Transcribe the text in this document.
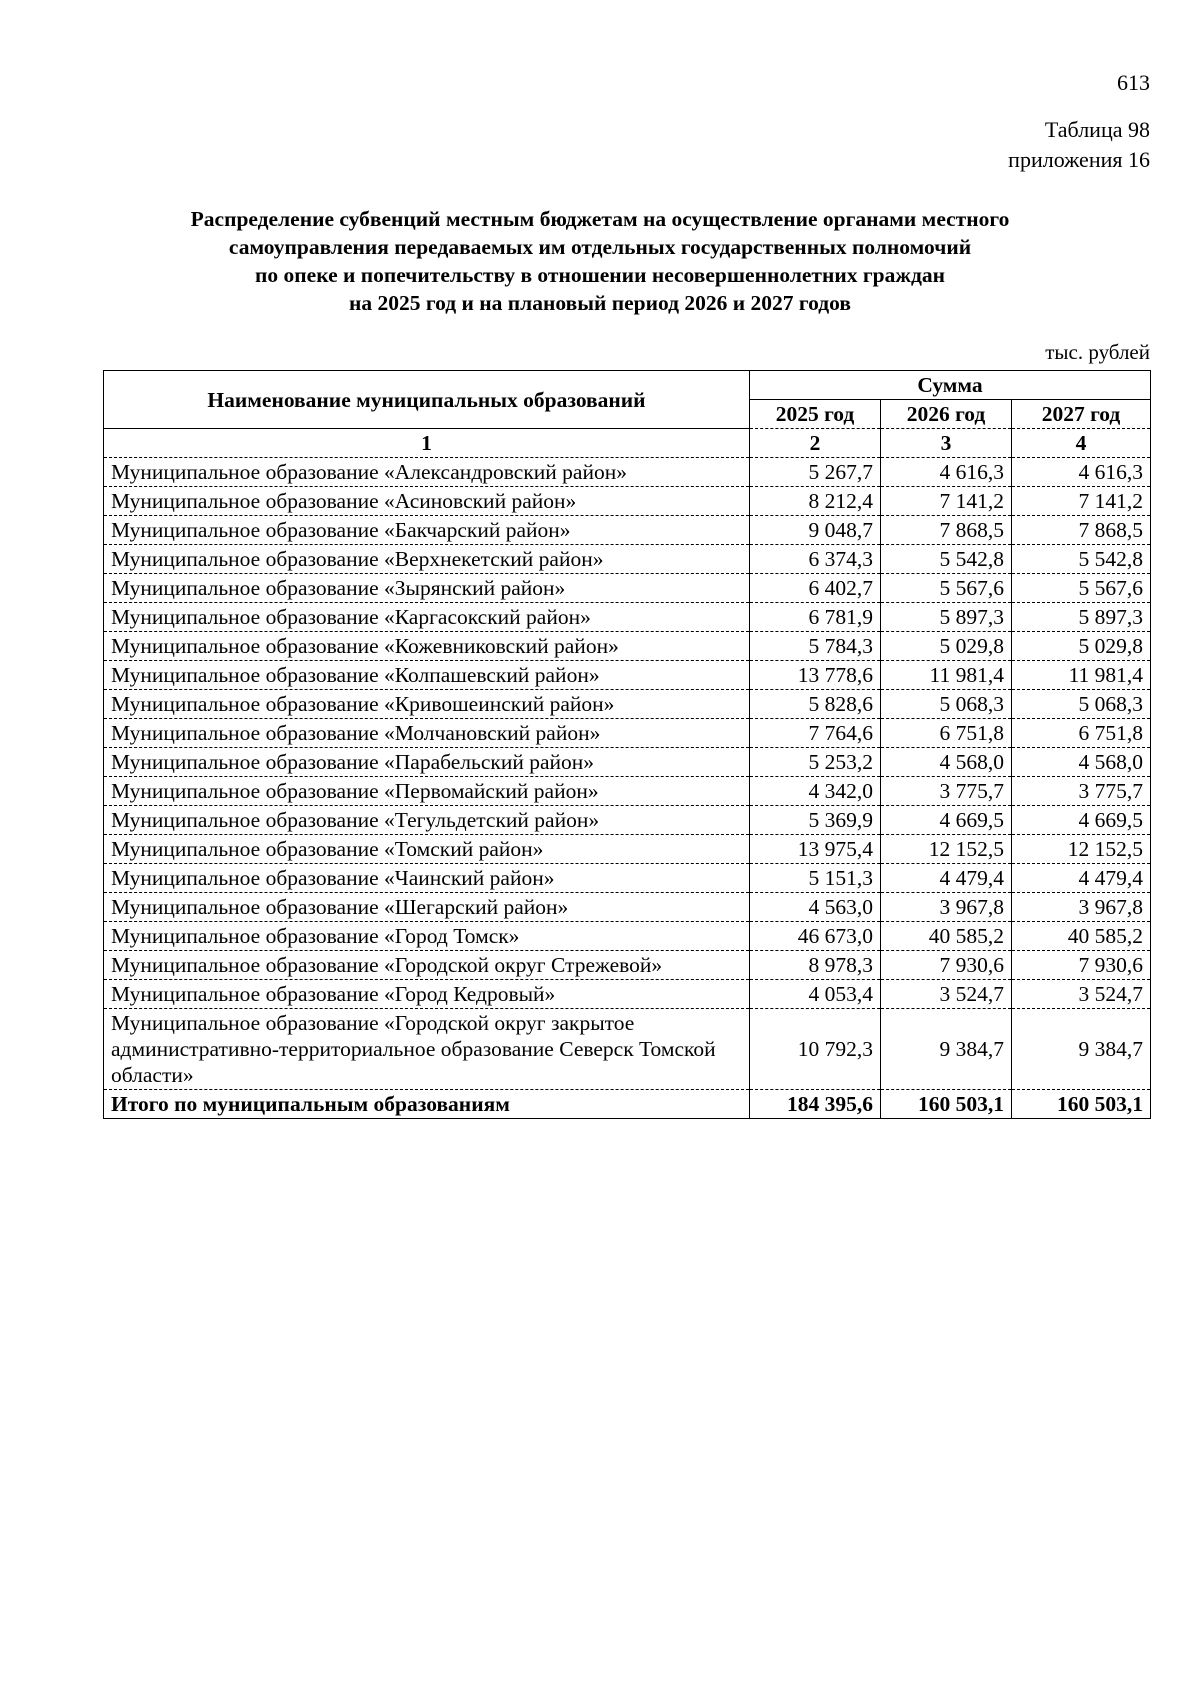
613
Таблица 98
приложения 16
Распределение субвенций местным бюджетам на осуществление органами местного
самоуправления передаваемых им отдельных государственных полномочий
по опеке и попечительству в отношении несовершеннолетних граждан
на 2025 год и на плановый период 2026 и 2027 годов
тыс. рублей
Наименование муниципальных образований	Сумма		
	2025 год	2026 год	2027 год
1	2	3	4
Муниципальное образование «Александровский район»	5 267,7	4 616,3	4 616,3
Муниципальное образование «Асиновский район»	8 212,4	7 141,2	7 141,2
Муниципальное образование «Бакчарский район»	9 048,7	7 868,5	7 868,5
Муниципальное образование «Верхнекетский район»	6 374,3	5 542,8	5 542,8
Муниципальное образование «Зырянский район»	6 402,7	5 567,6	5 567,6
Муниципальное образование «Каргасокский район»	6 781,9	5 897,3	5 897,3
Муниципальное образование «Кожевниковский район»	5 784,3	5 029,8	5 029,8
Муниципальное образование «Колпашевский район»	13 778,6	11 981,4	11 981,4
Муниципальное образование «Кривошеинский район»	5 828,6	5 068,3	5 068,3
Муниципальное образование «Молчановский район»	7 764,6	6 751,8	6 751,8
Муниципальное образование «Парабельский район»	5 253,2	4 568,0	4 568,0
Муниципальное образование «Первомайский район»	4 342,0	3 775,7	3 775,7
Муниципальное образование «Тегульдетский район»	5 369,9	4 669,5	4 669,5
Муниципальное образование «Томский район»	13 975,4	12 152,5	12 152,5
Муниципальное образование «Чаинский район»	5 151,3	4 479,4	4 479,4
Муниципальное образование «Шегарский район»	4 563,0	3 967,8	3 967,8
Муниципальное образование «Город Томск»	46 673,0	40 585,2	40 585,2
Муниципальное образование «Городской округ Стрежевой»	8 978,3	7 930,6	7 930,6
Муниципальное образование «Город Кедровый»	4 053,4	3 524,7	3 524,7
Муниципальное образование «Городской округ закрытое административно-территориальное образование Северск Томской области»	10 792,3	9 384,7	9 384,7
Итого по муниципальным образованиям	184 395,6	160 503,1	160 503,1
